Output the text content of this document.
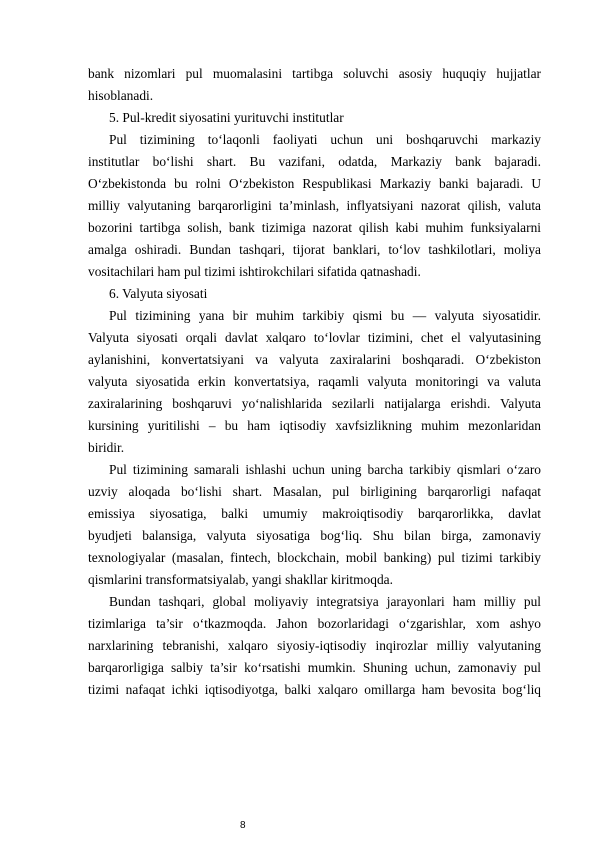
bank nizomlari pul muomalasini tartibga soluvchi asosiy huquqiy hujjatlar
hisoblanadi.
5. Pul-kredit siyosatini yurituvchi institutlar
Pul tizimining to‘laqonli faoliyati uchun uni boshqaruvchi markaziy
institutlar bo‘lishi shart. Bu vazifani, odatda, Markaziy bank bajaradi.
O‘zbekistonda bu rolni O‘zbekiston Respublikasi Markaziy banki bajaradi. U
milliy valyutaning barqarorligini ta’minlash, inflyatsiyani nazorat qilish, valuta
bozorini tartibga solish, bank tizimiga nazorat qilish kabi muhim funksiyalarni
amalga oshiradi. Bundan tashqari, tijorat banklari, to‘lov tashkilotlari, moliya
vositachilari ham pul tizimi ishtirokchilari sifatida qatnashadi.
6. Valyuta siyosati
Pul tizimining yana bir muhim tarkibiy qismi bu — valyuta siyosatidir.
Valyuta siyosati orqali davlat xalqaro to‘lovlar tizimini, chet el valyutasining
aylanishini, konvertatsiyani va valyuta zaxiralarini boshqaradi. O‘zbekiston
valyuta siyosatida erkin konvertatsiya, raqamli valyuta monitoringi va valuta
zaxiralarining boshqaruvi yo‘nalishlarida sezilarli natijalarga erishdi. Valyuta
kursining yuritilishi – bu ham iqtisodiy xavfsizlikning muhim mezonlaridan
biridir.
Pul tizimining samarali ishlashi uchun uning barcha tarkibiy qismlari o‘zaro
uzviy aloqada bo‘lishi shart. Masalan, pul birligining barqarorligi nafaqat
emissiya siyosatiga, balki umumiy makroiqtisodiy barqarorlikka, davlat
byudjeti balansiga, valyuta siyosatiga bog‘liq. Shu bilan birga, zamonaviy
texnologiyalar (masalan, fintech, blockchain, mobil banking) pul tizimi tarkibiy
qismlarini transformatsiyalab, yangi shakllar kiritmoqda.
Bundan tashqari, global moliyaviy integratsiya jarayonlari ham milliy pul
tizimlariga ta’sir o‘tkazmoqda. Jahon bozorlaridagi o‘zgarishlar, xom ashyo
narxlarining tebranishi, xalqaro siyosiy-iqtisodiy inqirozlar milliy valyutaning
barqarorligiga salbiy ta’sir ko‘rsatishi mumkin. Shuning uchun, zamonaviy pul
tizimi nafaqat ichki iqtisodiyotga, balki xalqaro omillarga ham bevosita bog‘liq
8
